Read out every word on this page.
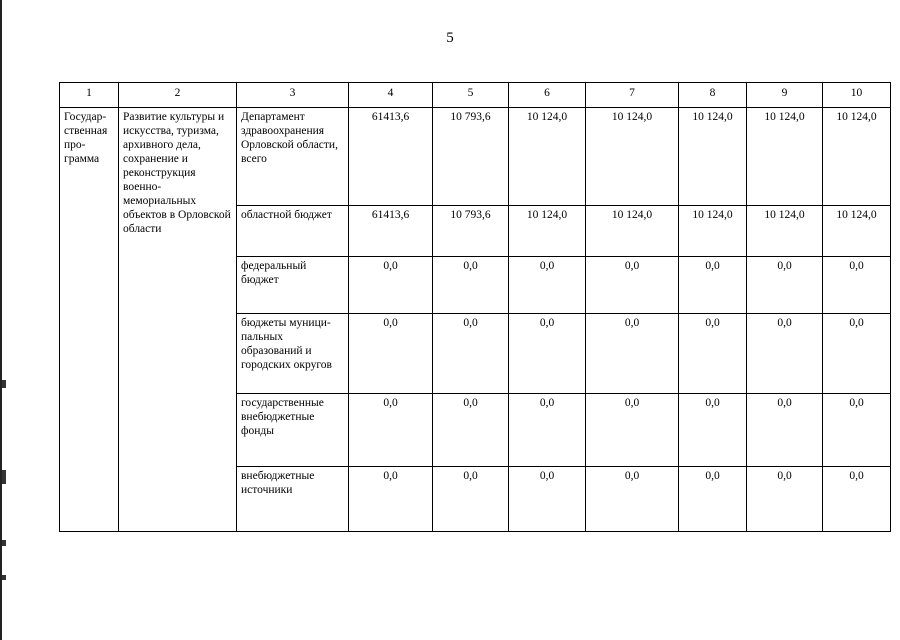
5
1	2	3	4	5	6	7	8	9	10
Государ-ственная про-грамма	Развитие культуры и искусства, туризма, архивного дела, сохранение и реконструкция военно-мемориальных объектов в Орловской области	Департамент здравоохранения Орловской области, всего	61413,6	10 793,6	10 124,0	10 124,0	10 124,0	10 124,0	10 124,0
		областной бюджет	61413,6	10 793,6	10 124,0	10 124,0	10 124,0	10 124,0	10 124,0
		федеральный бюджет	0,0	0,0	0,0	0,0	0,0	0,0	0,0
		бюджеты муници-пальных образований и городских округов	0,0	0,0	0,0	0,0	0,0	0,0	0,0
		государственные внебюджетные фонды	0,0	0,0	0,0	0,0	0,0	0,0	0,0
		внебюджетные источники	0,0	0,0	0,0	0,0	0,0	0,0	0,0
